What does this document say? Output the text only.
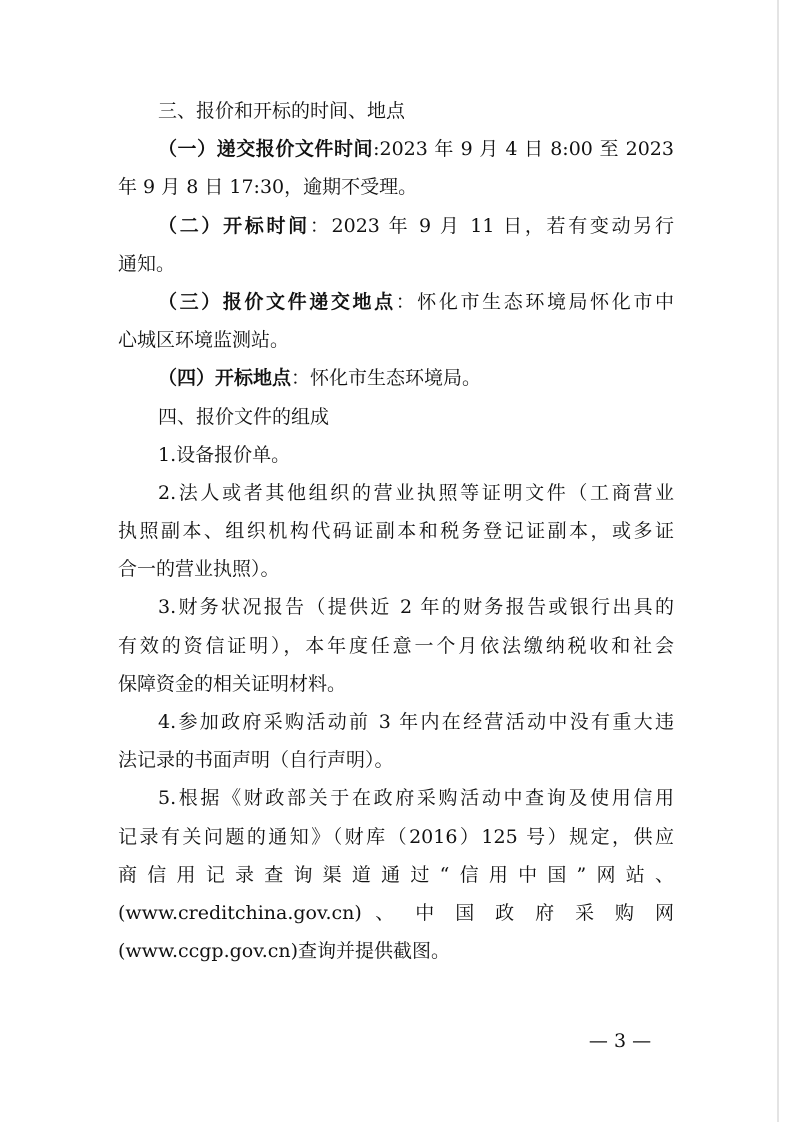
三、报价和开标的时间、地点
（一）递交报价文件时间:2023 年 9 月 4 日 8:00 至 2023
年 9 月 8 日 17:30，逾期不受理。
（二）开标时间：2023 年 9 月 11 日，若有变动另行
通知。
（三）报价文件递交地点：怀化市生态环境局怀化市中
心城区环境监测站。
（四）开标地点：怀化市生态环境局。
四、报价文件的组成
1.设备报价单。
2.法人或者其他组织的营业执照等证明文件（工商营业
执照副本、组织机构代码证副本和税务登记证副本，或多证
合一的营业执照）。
3.财务状况报告（提供近 2 年的财务报告或银行出具的
有效的资信证明），本年度任意一个月依法缴纳税收和社会
保障资金的相关证明材料。
4.参加政府采购活动前 3 年内在经营活动中没有重大违
法记录的书面声明（自行声明）。
5.根据《财政部关于在政府采购活动中查询及使用信用
记录有关问题的通知》（财库（2016）125 号）规定，供应
商信用记录查询渠道通过“信用中国”网站、
(www.creditchina.gov.cn) 、 中 国 政 府 采 购 网
(www.ccgp.gov.cn)查询并提供截图。
— 3 —
